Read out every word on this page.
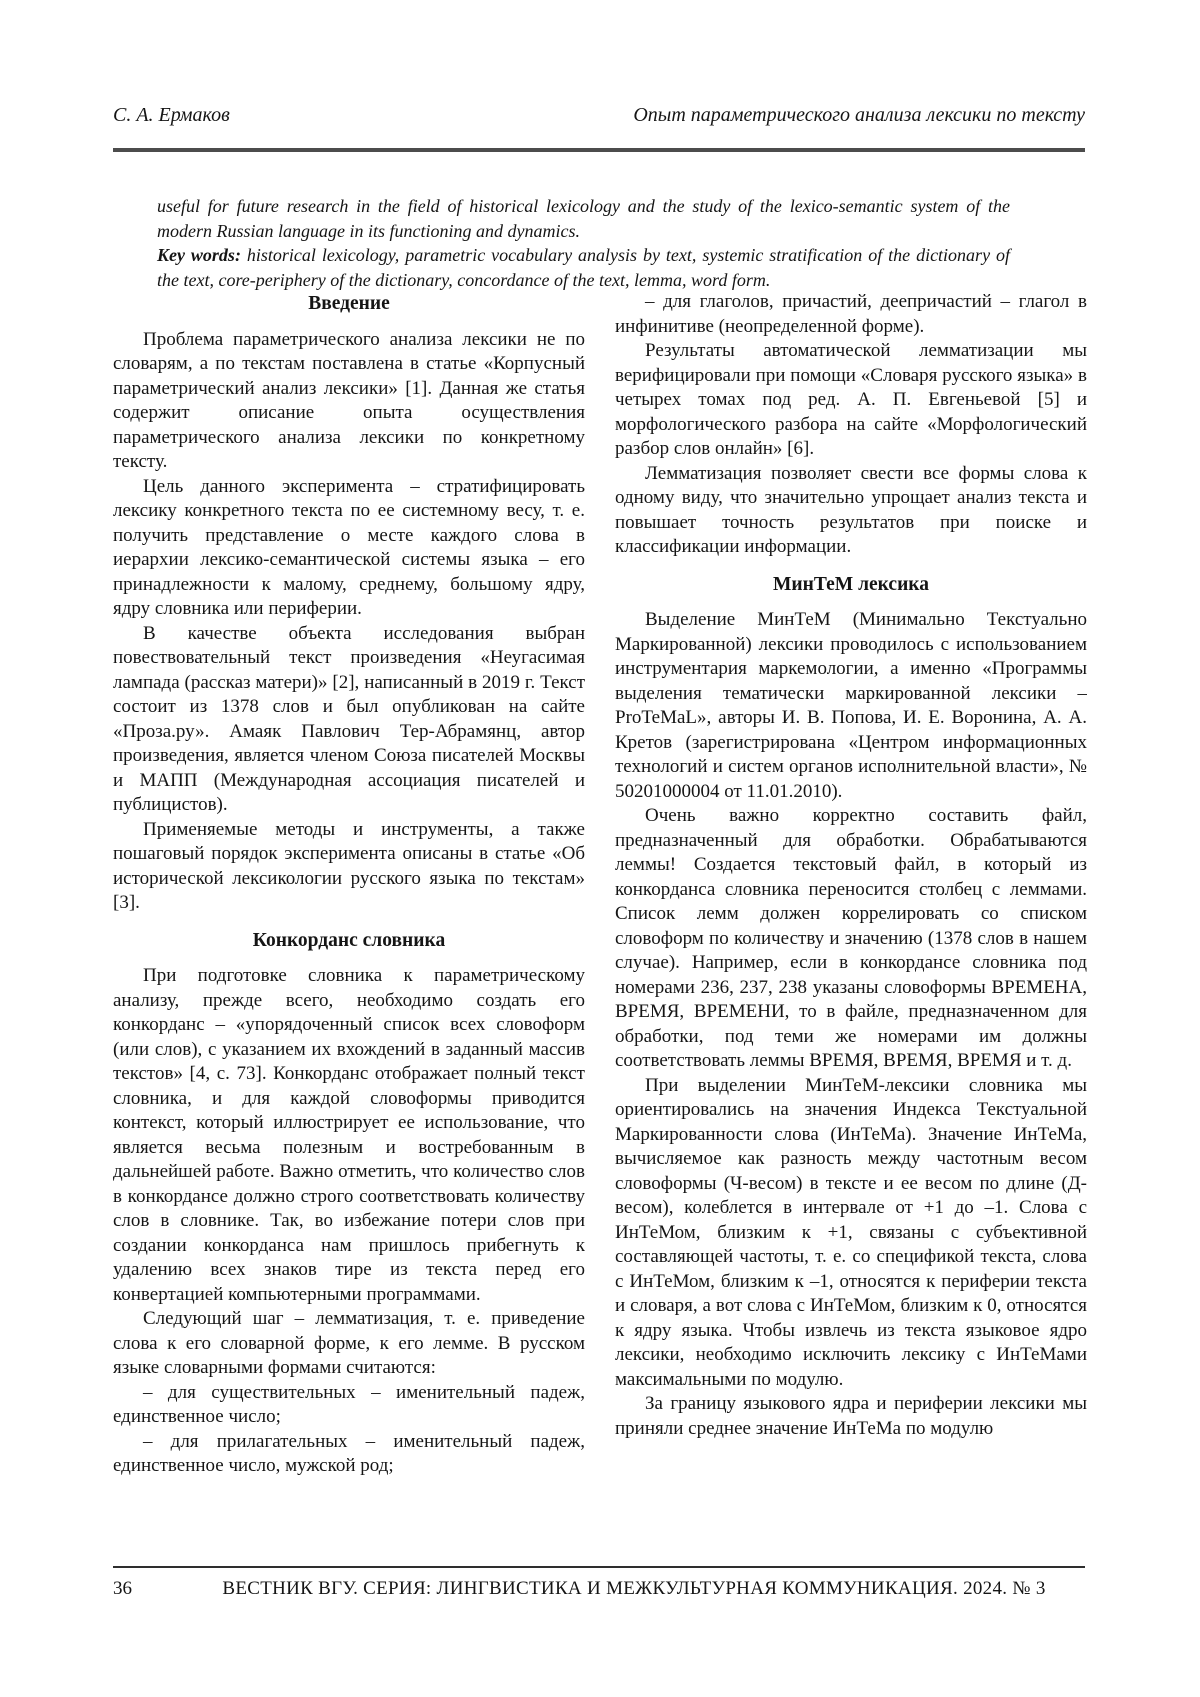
С. А. Ермаков	Опыт параметрического анализа лексики по тексту

useful for future research in the field of historical lexicology and the study of the lexico-semantic system of the modern Russian language in its functioning and dynamics.

Key words: historical lexicology, parametric vocabulary analysis by text, systemic stratification of the dictionary of the text, core-periphery of the dictionary, concordance of the text, lemma, word form.

Введение

Проблема параметрического анализа лексики не по словарям, а по текстам поставлена в статье «Корпусный параметрический анализ лексики» [1]. Данная же статья содержит описание опыта осуществления параметрического анализа лексики по конкретному тексту.

Цель данного эксперимента – стратифицировать лексику конкретного текста по ее системному весу, т. е. получить представление о месте каждого слова в иерархии лексико-семантической системы языка – его принадлежности к малому, среднему, большому ядру, ядру словника или периферии.

В качестве объекта исследования выбран повествовательный текст произведения «Неугасимая лампада (рассказ матери)» [2], написанный в 2019 г. Текст состоит из 1378 слов и был опубликован на сайте «Проза.ру». Амаяк Павлович Тер-Абрамянц, автор произведения, является членом Союза писателей Москвы и МАПП (Международная ассоциация писателей и публицистов).

Применяемые методы и инструменты, а также пошаговый порядок эксперимента описаны в статье «Об исторической лексикологии русского языка по текстам» [3].

Конкорданс словника

При подготовке словника к параметрическому анализу, прежде всего, необходимо создать его конкорданс – «упорядоченный список всех словоформ (или слов), с указанием их вхождений в заданный массив текстов» [4, с. 73]. Конкорданс отображает полный текст словника, и для каждой словоформы приводится контекст, который иллюстрирует ее использование, что является весьма полезным и востребованным в дальнейшей работе. Важно отметить, что количество слов в конкордансе должно строго соответствовать количеству слов в словнике. Так, во избежание потери слов при создании конкорданса нам пришлось прибегнуть к удалению всех знаков тире из текста перед его конвертацией компьютерными программами.

Следующий шаг – лемматизация, т. е. приведение слова к его словарной форме, к его лемме. В русском языке словарными формами считаются:

– для существительных – именительный падеж, единственное число;

– для прилагательных – именительный падеж, единственное число, мужской род;

– для глаголов, причастий, деепричастий – глагол в инфинитиве (неопределенной форме).

Результаты автоматической лемматизации мы верифицировали при помощи «Словаря русского языка» в четырех томах под ред. А. П. Евгеньевой [5] и морфологического разбора на сайте «Морфологический разбор слов онлайн» [6].

Лемматизация позволяет свести все формы слова к одному виду, что значительно упрощает анализ текста и повышает точность результатов при поиске и классификации информации.

МинТеМ лексика

Выделение МинТеМ (Минимально Текстуально Маркированной) лексики проводилось с использованием инструментария маркемологии, а именно «Программы выделения тематически маркированной лексики – ProTeMaL», авторы И. В. Попова, И. Е. Воронина, А. А. Кретов (зарегистрирована «Центром информационных технологий и систем органов исполнительной власти», № 50201000004 от 11.01.2010).

Очень важно корректно составить файл, предназначенный для обработки. Обрабатываются леммы! Создается текстовый файл, в который из конкорданса словника переносится столбец с леммами. Список лемм должен коррелировать со списком словоформ по количеству и значению (1378 слов в нашем случае). Например, если в конкордансе словника под номерами 236, 237, 238 указаны словоформы ВРЕМЕНА, ВРЕМЯ, ВРЕМЕНИ, то в файле, предназначенном для обработки, под теми же номерами им должны соответствовать леммы ВРЕМЯ, ВРЕМЯ, ВРЕМЯ и т. д.

При выделении МинТеМ-лексики словника мы ориентировались на значения Индекса Текстуальной Маркированности слова (ИнТеМа). Значение ИнТеМа, вычисляемое как разность между частотным весом словоформы (Ч-весом) в тексте и ее весом по длине (Д-весом), колеблется в интервале от +1 до –1. Слова с ИнТеМом, близким к +1, связаны с субъективной составляющей частоты, т. е. со спецификой текста, слова с ИнТеМом, близким к –1, относятся к периферии текста и словаря, а вот слова с ИнТеМом, близким к 0, относятся к ядру языка. Чтобы извлечь из текста языковое ядро лексики, необходимо исключить лексику с ИнТеМами максимальными по модулю.

За границу языкового ядра и периферии лексики мы приняли среднее значение ИнТеМа по модулю

36	ВЕСТНИК ВГУ. СЕРИЯ: ЛИНГВИСТИКА И МЕЖКУЛЬТУРНАЯ КОММУНИКАЦИЯ. 2024. № 3
